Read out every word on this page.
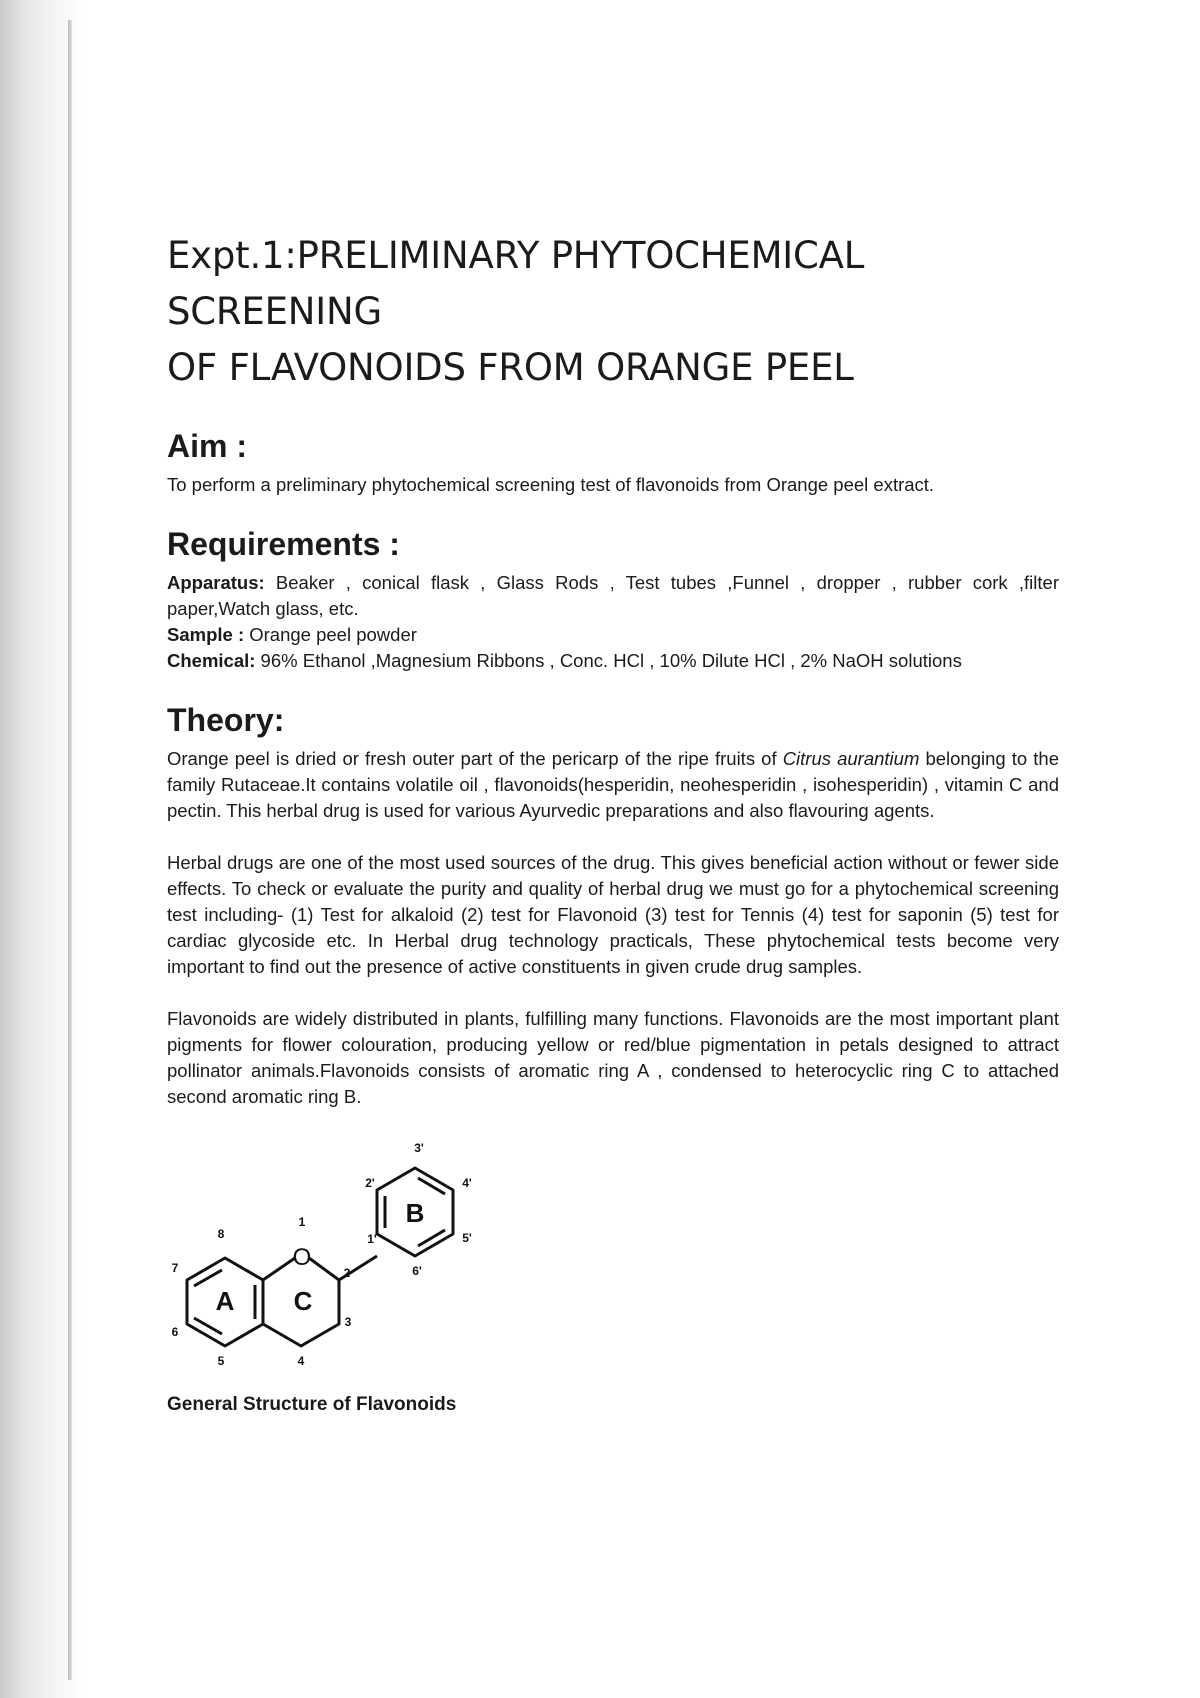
Expt.1:PRELIMINARY PHYTOCHEMICAL SCREENING
OF FLAVONOIDS FROM ORANGE PEEL
Aim :

To perform a preliminary phytochemical screening test of flavonoids from Orange peel extract.

Requirements :

Apparatus: Beaker , conical flask , Glass Rods , Test tubes ,Funnel , dropper , rubber cork ,filter paper,Watch glass, etc.

Sample : Orange peel powder

Chemical: 96% Ethanol ,Magnesium Ribbons , Conc. HCl , 10% Dilute HCl , 2% NaOH solutions

Theory:

Orange peel is dried or fresh outer part of the pericarp of the ripe fruits of Citrus aurantium belonging to the family Rutaceae.It contains volatile oil , flavonoids(hesperidin, neohesperidin , isohesperidin) , vitamin C and pectin. This herbal drug is used for various Ayurvedic preparations and also flavouring agents.

Herbal drugs are one of the most used sources of the drug. This gives beneficial action without or fewer side effects. To check or evaluate the purity and quality of herbal drug we must go for a phytochemical screening test including- (1) Test for alkaloid (2) test for Flavonoid (3) test for Tennis (4) test for saponin (5) test for cardiac glycoside etc. In Herbal drug technology practicals, These phytochemical tests become very important to find out the presence of active constituents in given crude drug samples.

Flavonoids are widely distributed in plants, fulfilling many functions. Flavonoids are the most important plant pigments for flower colouration, producing yellow or red/blue pigmentation in petals designed to attract pollinator animals.Flavonoids consists of aromatic ring A , condensed to heterocyclic ring C to attached second aromatic ring B.

O
A C
B
1
2
3
4
5
6
7
8	1'
2'
3'
4'
5'
6'
General Structure of Flavonoids
